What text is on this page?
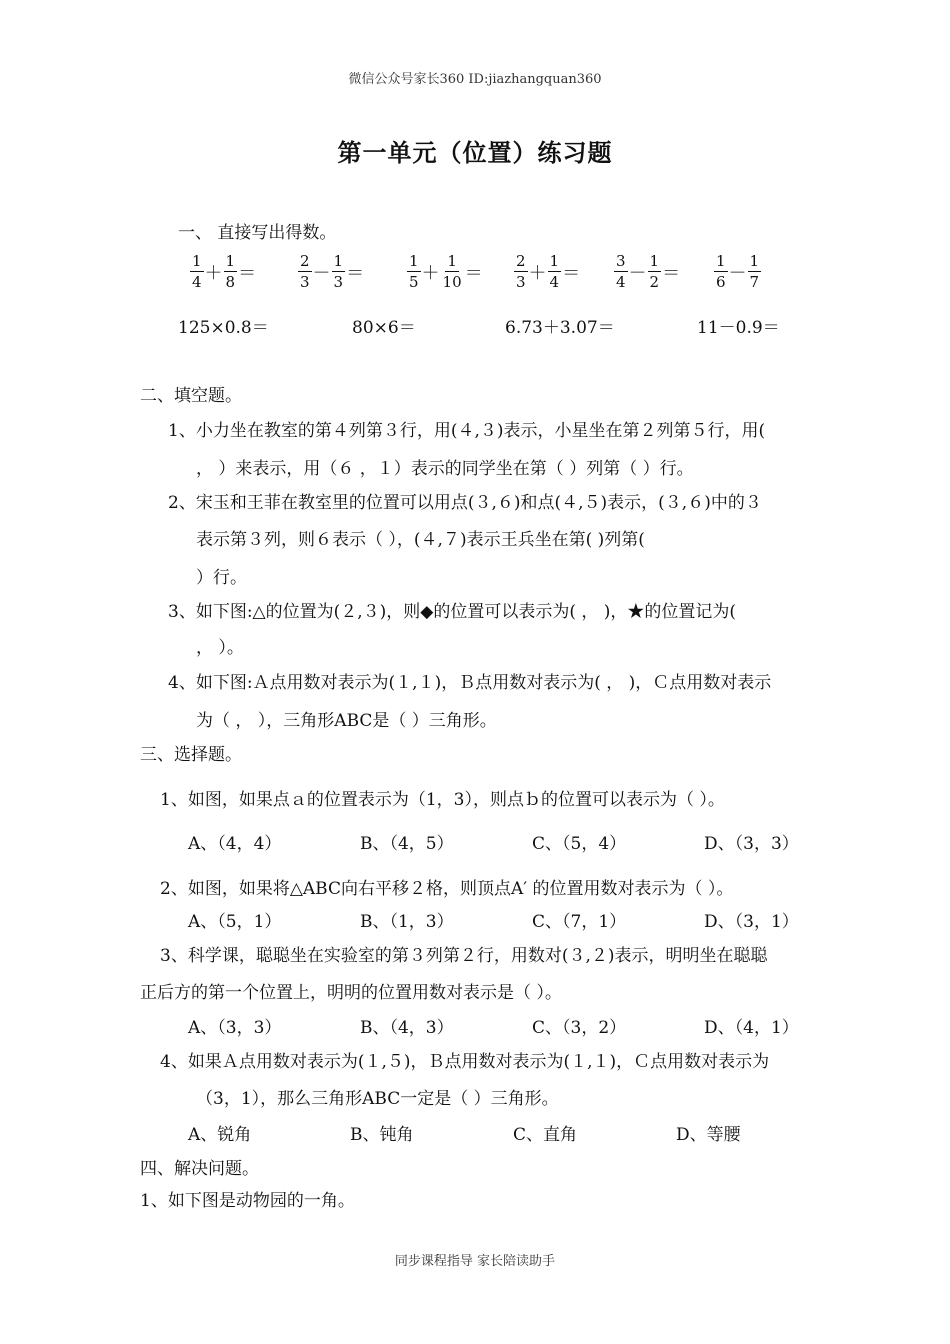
微信公众号家长360 ID:jiazhangquan360
第一单元（位置）练习题
一、 直接写出得数。
$\frac{1}{4} + \frac{1}{8}$ ＝	$\frac{2}{3} - \frac{1}{3}$ ＝	$\frac{1}{5} + \frac{1}{10} = \frac{2}{3} + \frac{1}{4} = \frac{3}{4} - \frac{1}{2} = \frac{1}{6} - \frac{1}{7}$
125×0.8＝	80×6＝	6.73＋3.07＝	11－0.9＝
二、填空题。
1、小力坐在教室的第４列第３行，用(４,３)表示，小星坐在第２列第５行，用(
， ）来表示，用（６ ，１）表示的同学坐在第（ ）列第（ ）行。
2、宋玉和王菲在教室里的位置可以用点(３,６)和点(４,５)表示，(３,６)中的３
表示第３列，则６表示（ ），(４,７)表示王兵坐在第( )列第(
）行。
3、如下图:△的位置为(２,３)，则◆的位置可以表示为( ， )，★的位置记为(
， ）。
4、如下图:Ａ点用数对表示为(１,１)，Ｂ点用数对表示为( ， )，Ｃ点用数对表示
为（ ， ），三角形ABC是（ ）三角形。
三、选择题。
1、如图，如果点ａ的位置表示为（1，3），则点ｂ的位置可以表示为（ ）。
A、（4，4）	B、（4，5）	C、（5，4）	D、（3，3）
2、如图，如果将△ABC向右平移２格，则顶点A′ 的位置用数对表示为（ ）。
A、（5，1）	B、（1，3）	C、（7，1）	D、（3，1）
3、科学课，聪聪坐在实验室的第３列第２行，用数对(３,２)表示，明明坐在聪聪
正后方的第一个位置上，明明的位置用数对表示是（ ）。
A、（3，3）	B、（4，3）	C、（3，2）	D、（4，1）
4、如果Ａ点用数对表示为(１,５)，Ｂ点用数对表示为(１,１)，Ｃ点用数对表示为
（3，1），那么三角形ABC一定是（ ）三角形。
A、锐角	B、钝角	C、直角	D、等腰
四、解决问题。
1、如下图是动物园的一角。
同步课程指导 家长陪读助手
